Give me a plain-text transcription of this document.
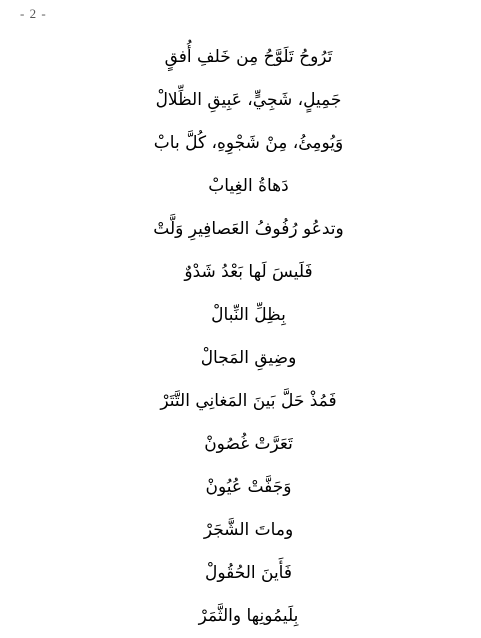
- 2 -
تَرُوحُ تَلَوَّحُ مِن خَلفِ أُفقٍ
جَمِيلٍ، شَجِيٍّ، عَبِيقِ الظِّلالْ
وَيُومِئُ، مِنْ شَجْوِهِ، كُلَّ بابْ
دَهاةُ الغِيابْ
وتدعُو رُفُوفُ العَصافِيرِ وَلَّتْ
فَلَيسَ لَها بَعْدُ شَدْوٌ
بِظِلِّ النِّبالْ
وضِيقِ المَجالْ
فَمُذْ حَلَّ بَينَ المَغانِي التَّتَرْ
تَعَرَّتْ غُصُونْ
وَجَفَّتْ عُيُونْ
وماتَ الشَّجَرْ
فَأَينَ الحُقُولْ
بِلَيمُونِها والثَّمَرْ
